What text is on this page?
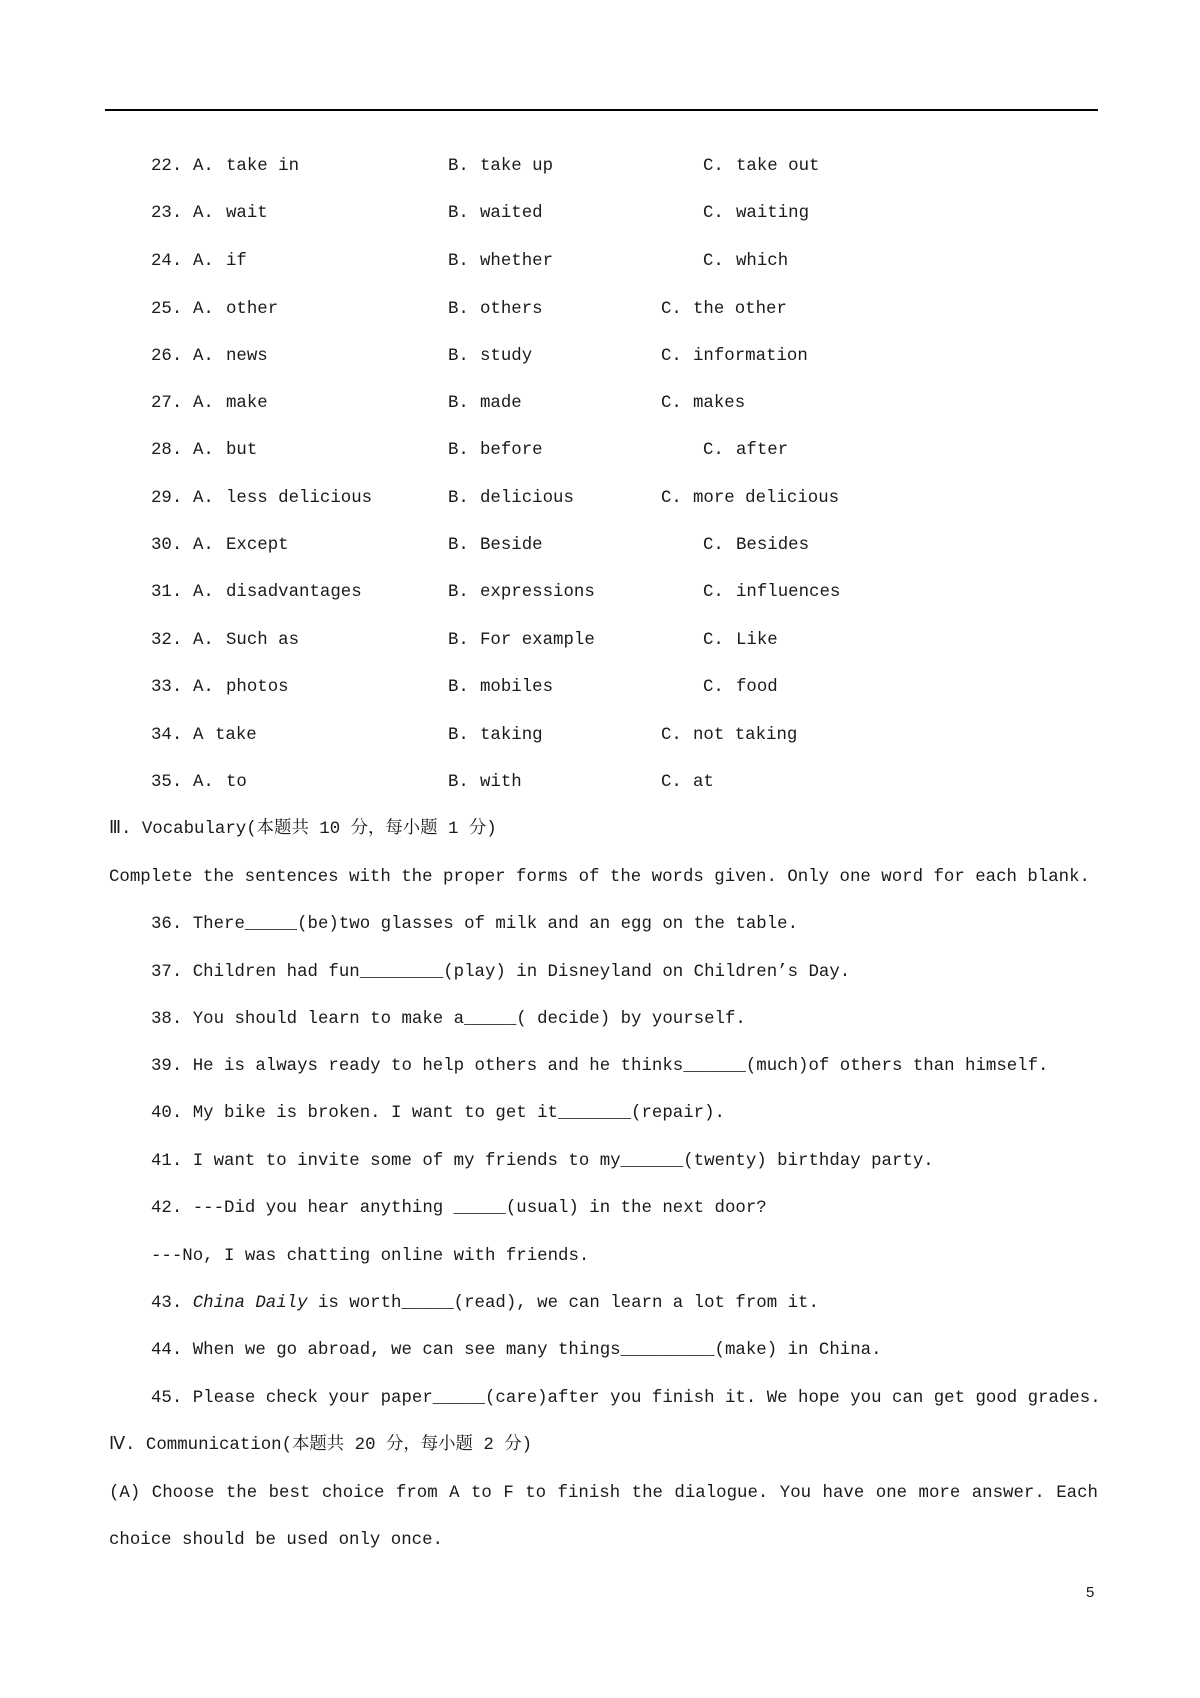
22. A. take in	B. take up	C. take out
23. A. wait	B. waited	C. waiting
24. A. if	B. whether	C. which
25. A. other	B. others	C. the other
26. A. news	B. study	C. information
27. A. make	B. made	C. makes
28. A. but	B. before	C. after
29. A. less delicious	B. delicious	C. more delicious
30. A. Except	B. Beside	C. Besides
31. A. disadvantages	B. expressions	C. influences
32. A. Such as	B. For example	C. Like
33. A. photos	B. mobiles	C. food
34. A take	B. taking	C. not taking
35. A. to	B. with	C. at
Ⅲ. Vocabulary(本题共 10 分，每小题 1 分)
Complete the sentences with the proper forms of the words given. Only one word for each blank.
36. There_____(be)two glasses of milk and an egg on the table.
37. Children had fun________(play) in Disneyland on Children’s Day.
38. You should learn to make a_____( decide) by yourself.
39. He is always ready to help others and he thinks______(much)of others than himself.
40. My bike is broken. I want to get it_______(repair).
41. I want to invite some of my friends to my______(twenty) birthday party.
42. ---Did you hear anything _____(usual) in the next door?
---No, I was chatting online with friends.
43. China Daily is worth_____(read), we can learn a lot from it.
44. When we go abroad, we can see many things_________(make) in China.
45. Please check your paper_____(care)after you finish it. We hope you can get good grades.
Ⅳ. Communication(本题共 20 分，每小题 2 分)
(A) Choose the best choice from A to F to finish the dialogue. You have one more answer. Each choice should be used only once.
5
